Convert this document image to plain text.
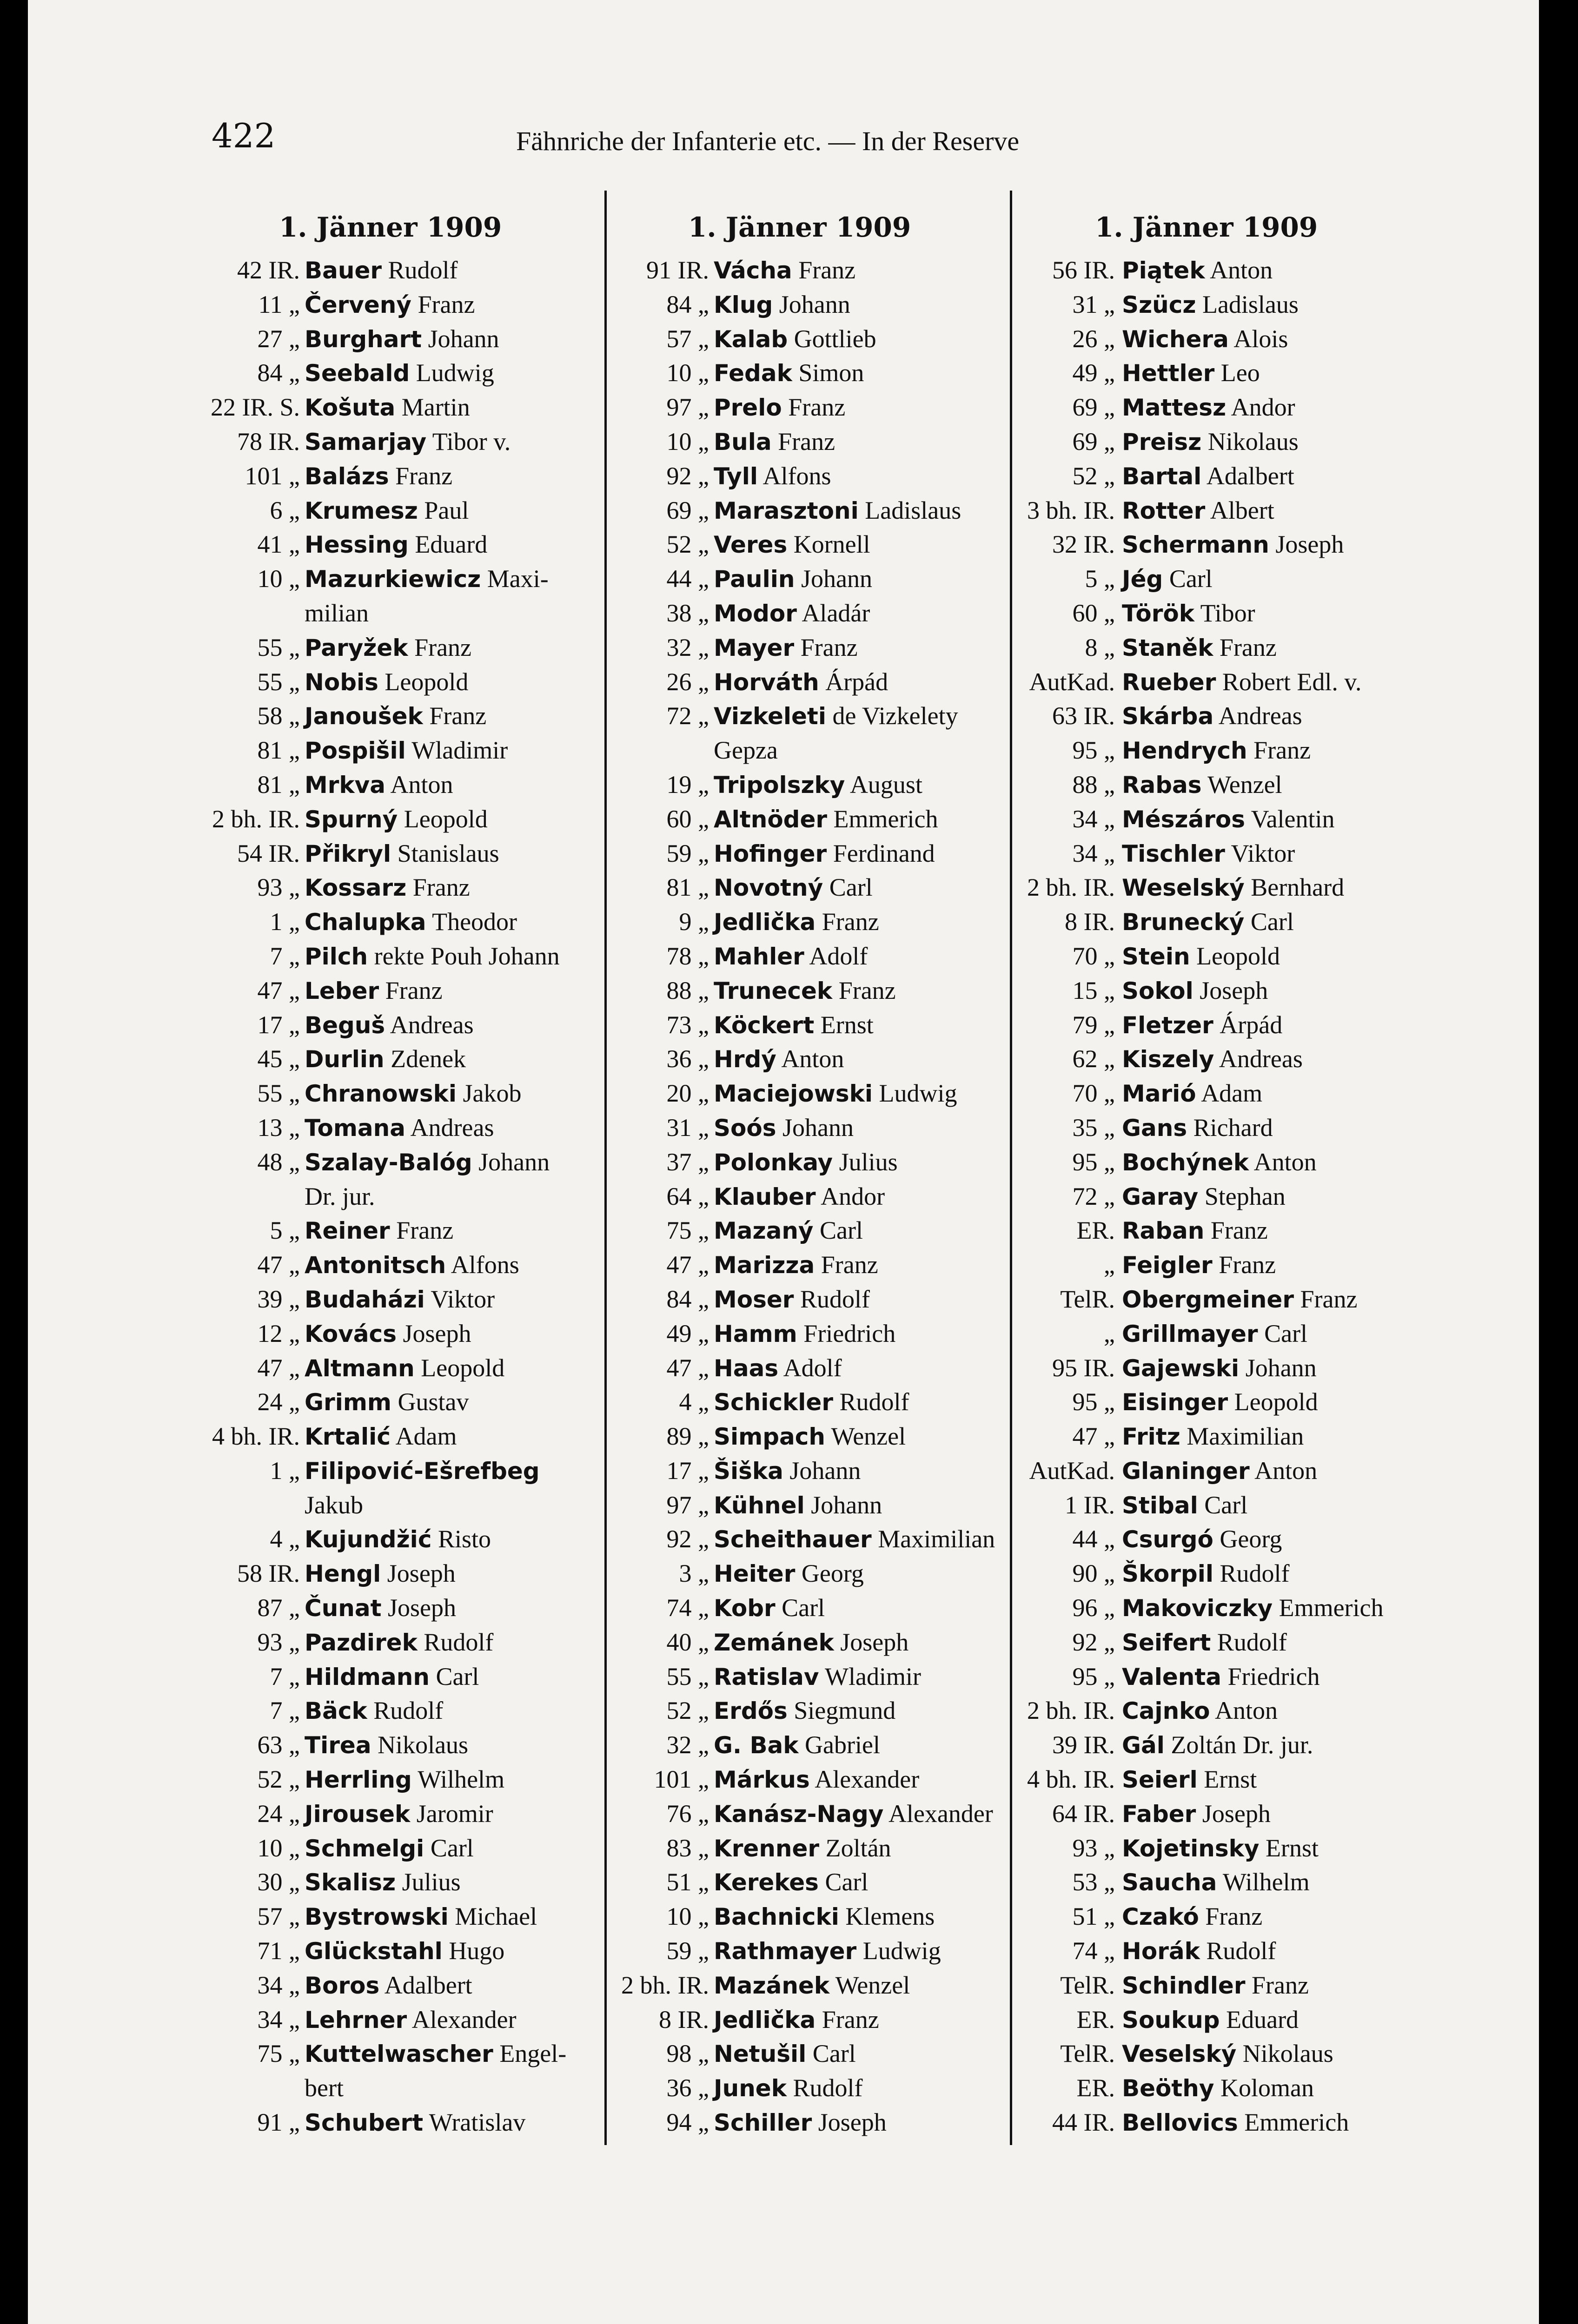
422	Fähnriche der Infanterie etc. — In der Reserve
1. Jänner 1909	1. Jänner 1909	1. Jänner 1909
42 IR. Bauer Rudolf
11 „ Červený Franz
27 „ Burghart Johann
84 „ Seebald Ludwig
22 IR. S. Košuta Martin
78 IR. Samarjay Tibor v.
101 „ Balázs Franz
6 „ Krumesz Paul
41 „ Hessing Eduard
10 „ Mazurkiewicz Maxi-
milian
55 „ Paryžek Franz
55 „ Nobis Leopold
58 „ Janoušek Franz
81 „ Pospišil Wladimir
81 „ Mrkva Anton
2 bh. IR. Spurný Leopold
54 IR. Přikryl Stanislaus
93 „ Kossarz Franz
1 „ Chalupka Theodor
7 „ Pilch rekte Pouh Johann
47 „ Leber Franz
17 „ Beguš Andreas
45 „ Durlin Zdenek
55 „ Chranowski Jakob
13 „ Tomana Andreas
48 „ Szalay-Balóg Johann
Dr. jur.
5 „ Reiner Franz
47 „ Antonitsch Alfons
39 „ Budaházi Viktor
12 „ Kovács Joseph
47 „ Altmann Leopold
24 „ Grimm Gustav
4 bh. IR. Krtalić Adam
1 „ Filipović-Ešrefbeg
Jakub
4 „ Kujundžić Risto
58 IR. Hengl Joseph
87 „ Čunat Joseph
93 „ Pazdirek Rudolf
7 „ Hildmann Carl
7 „ Bäck Rudolf
63 „ Tirea Nikolaus
52 „ Herrling Wilhelm
24 „ Jirousek Jaromir
10 „ Schmelgi Carl
30 „ Skalisz Julius
57 „ Bystrowski Michael
71 „ Glückstahl Hugo
34 „ Boros Adalbert
34 „ Lehrner Alexander
75 „ Kuttelwascher Engel-
bert
91 „ Schubert Wratislav
91 IR. Vácha Franz
84 „ Klug Johann
57 „ Kalab Gottlieb
10 „ Fedak Simon
97 „ Prelo Franz
10 „ Bula Franz
92 „ Tyll Alfons
69 „ Marasztoni Ladislaus
52 „ Veres Kornell
44 „ Paulin Johann
38 „ Modor Aladár
32 „ Mayer Franz
26 „ Horváth Árpád
72 „ Vizkeleti de Vizkelety
Gepza
19 „ Tripolszky August
60 „ Altnöder Emmerich
59 „ Hofinger Ferdinand
81 „ Novotný Carl
9 „ Jedlička Franz
78 „ Mahler Adolf
88 „ Trunecek Franz
73 „ Köckert Ernst
36 „ Hrdý Anton
20 „ Maciejowski Ludwig
31 „ Soós Johann
37 „ Polonkay Julius
64 „ Klauber Andor
75 „ Mazaný Carl
47 „ Marizza Franz
84 „ Moser Rudolf
49 „ Hamm Friedrich
47 „ Haas Adolf
4 „ Schickler Rudolf
89 „ Simpach Wenzel
17 „ Šiška Johann
97 „ Kühnel Johann
92 „ Scheithauer Maximilian
3 „ Heiter Georg
74 „ Kobr Carl
40 „ Zemánek Joseph
55 „ Ratislav Wladimir
52 „ Erdős Siegmund
32 „ G. Bak Gabriel
101 „ Márkus Alexander
76 „ Kanász-Nagy Alexander
83 „ Krenner Zoltán
51 „ Kerekes Carl
10 „ Bachnicki Klemens
59 „ Rathmayer Ludwig
2 bh. IR. Mazánek Wenzel
8 IR. Jedlička Franz
98 „ Netušil Carl
36 „ Junek Rudolf
94 „ Schiller Joseph
56 IR. Piątek Anton
31 „ Szücz Ladislaus
26 „ Wichera Alois
49 „ Hettler Leo
69 „ Mattesz Andor
69 „ Preisz Nikolaus
52 „ Bartal Adalbert
3 bh. IR. Rotter Albert
32 IR. Schermann Joseph
5 „ Jég Carl
60 „ Török Tibor
8 „ Staněk Franz
AutKad. Rueber Robert Edl. v.
63 IR. Skárba Andreas
95 „ Hendrych Franz
88 „ Rabas Wenzel
34 „ Mészáros Valentin
34 „ Tischler Viktor
2 bh. IR. Weselský Bernhard
8 IR. Bruneckу́ Carl
70 „ Stein Leopold
15 „ Sokol Joseph
79 „ Fletzer Árpád
62 „ Kiszely Andreas
70 „ Marió Adam
35 „ Gans Richard
95 „ Bochýnek Anton
72 „ Garay Stephan
ER. Raban Franz
„ Feigler Franz
TelR. Obergmeiner Franz
„ Grillmayer Carl
95 IR. Gajewski Johann
95 „ Eisinger Leopold
47 „ Fritz Maximilian
AutKad. Glaninger Anton
1 IR. Stibal Carl
44 „ Csurgó Georg
90 „ Škorpil Rudolf
96 „ Makoviczky Emmerich
92 „ Seifert Rudolf
95 „ Valenta Friedrich
2 bh. IR. Cajnko Anton
39 IR. Gál Zoltán Dr. jur.
4 bh. IR. Seierl Ernst
64 IR. Faber Joseph
93 „ Kojetinsky Ernst
53 „ Saucha Wilhelm
51 „ Czakó Franz
74 „ Horák Rudolf
TelR. Schindler Franz
ER. Soukup Eduard
TelR. Veselský Nikolaus
ER. Beöthy Koloman
44 IR. Bellovics Emmerich
